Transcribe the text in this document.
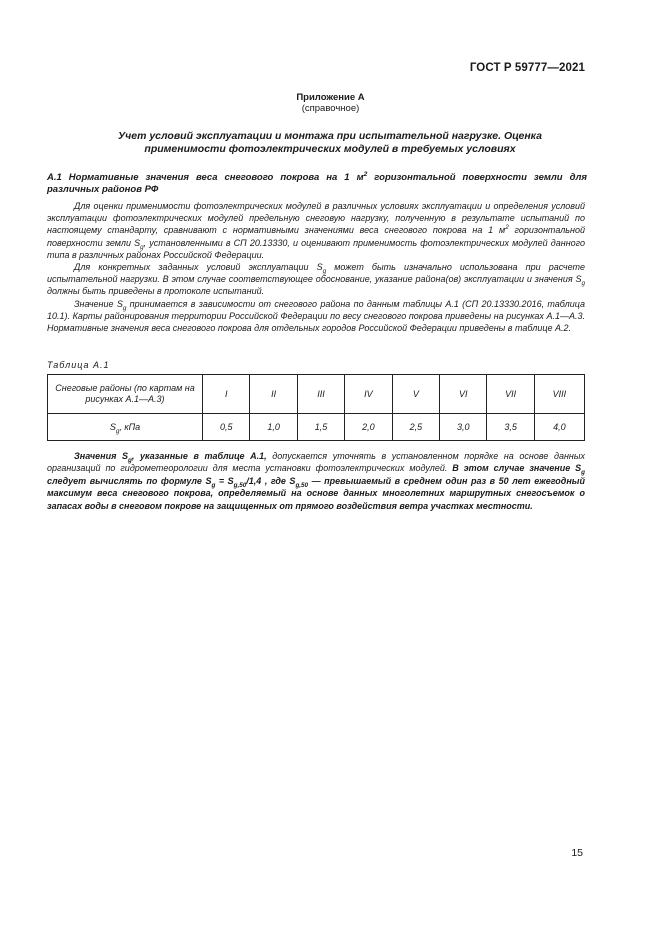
ГОСТ Р 59777—2021
Приложение А
(справочное)
Учет условий эксплуатации и монтажа при испытательной нагрузке. Оценка
применимости фотоэлектрических модулей в требуемых условиях
А.1 Нормативные значения веса снегового покрова на 1 $м^2$ горизонтальной поверхности земли для различных районов РФ

Для оценки применимости фотоэлектрических модулей в различных условиях эксплуатации и определения условий эксплуатации фотоэлектрических модулей предельную снеговую нагрузку, полученную в результате испытаний по настоящему стандарту, сравнивают с нормативными значениями веса снегового покрова на 1 $м^2$ горизонтальной поверхности земли $S_g$, установленными в СП 20.13330, и оценивают применимость фотоэлектрических модулей данного типа в различных районах Российской Федерации.

Для конкретных заданных условий эксплуатации $S_g$ может быть изначально использована при расчете испытательной нагрузки. В этом случае соответствующее обоснование, указание района(ов) эксплуатации и значения $S_g$ должны быть приведены в протоколе испытаний.

Значение $S_g$ принимается в зависимости от снегового района по данным таблицы А.1 (СП 20.13330.2016, таблица 10.1). Карты районирования территории Российской Федерации по весу снегового покрова приведены на рисунках А.1—А.3. Нормативные значения веса снегового покрова для отдельных городов Российской Федерации приведены в таблице А.2.

Таблица А.1
Снеговые районы (по картам на рисунках А.1—А.3)	I	II	III	IV	V	VI	VII	VIII
$S_g$, кПа	0,5	1,0	1,5	2,0	2,5	3,0	3,5	4,0

Значения $S_g$, указанные в таблице А.1, допускается уточнять в установленном порядке на основе данных организаций по гидрометеорологии для места установки фотоэлектрических модулей. В этом случае значение $S_g$ следует вычислять по формуле $S_g = S_{g,50}/1,4$ , где $S_{g,50}$ — превышаемый в среднем один раз в 50 лет ежегодный максимум веса снегового покрова, определяемый на основе данных многолетних маршрутных снегосъемок о запасах воды в снеговом покрове на защищенных от прямого воздействия ветра участках местности.

15
